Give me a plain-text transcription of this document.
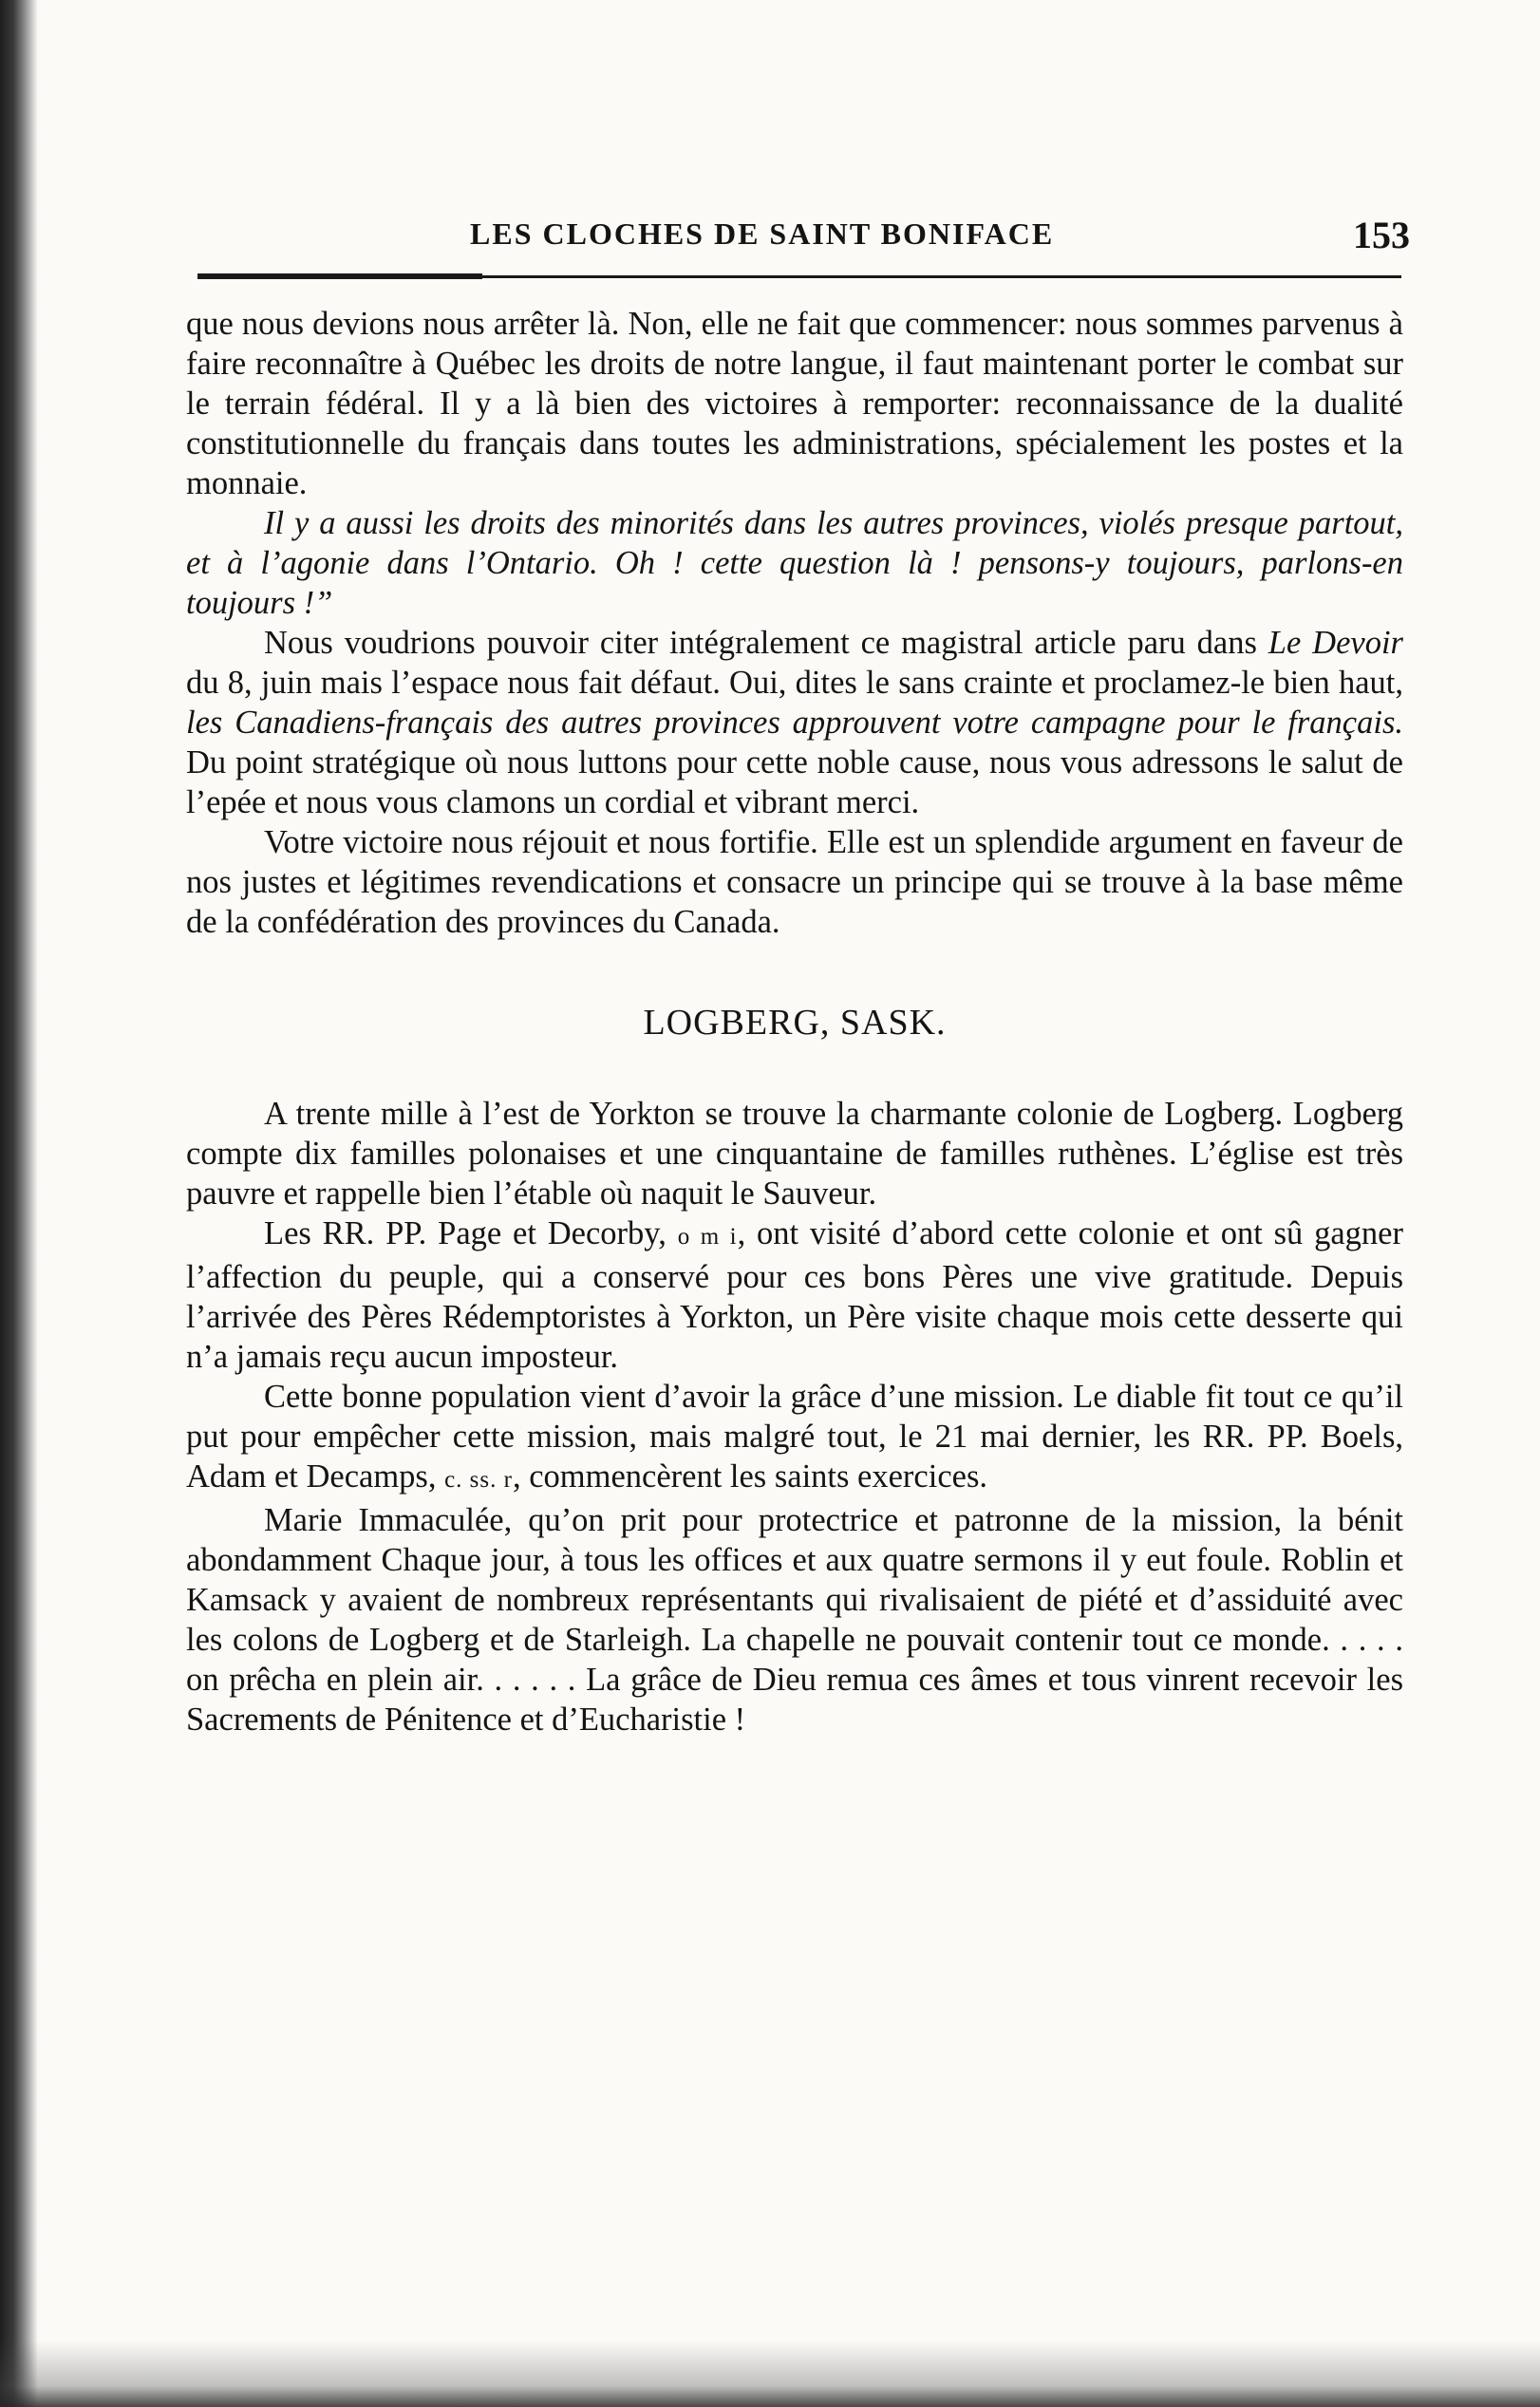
LES CLOCHES DE SAINT BONIFACE	153

que nous devions nous arrêter là. Non, elle ne fait que commencer: nous sommes parvenus à faire reconnaître à Québec les droits de notre langue, il faut maintenant porter le combat sur le terrain fédéral. Il y a là bien des victoires à remporter: reconnaissance de la dualité constitutionnelle du français dans toutes les administrations, spécialement les postes et la monnaie.

Il y a aussi les droits des minorités dans les autres provinces, violés presque partout, et à l’agonie dans l’Ontario. Oh ! cette question là ! pensons-y toujours, parlons-en toujours !”

Nous voudrions pouvoir citer intégralement ce magistral article paru dans Le Devoir du 8, juin mais l’espace nous fait défaut. Oui, dites le sans crainte et proclamez-le bien haut, les Canadiens-français des autres provinces approuvent votre campagne pour le français. Du point stratégique où nous luttons pour cette noble cause, nous vous adressons le salut de l’epée et nous vous clamons un cordial et vibrant merci.

Votre victoire nous réjouit et nous fortifie. Elle est un splendide argument en faveur de nos justes et légitimes revendications et consacre un principe qui se trouve à la base même de la confédération des provinces du Canada.

LOGBERG, SASK.

A trente mille à l’est de Yorkton se trouve la charmante colonie de Logberg. Logberg compte dix familles polonaises et une cinquantaine de familles ruthènes. L’église est très pauvre et rappelle bien l’étable où naquit le Sauveur.

Les RR. PP. Page et Decorby, o m i, ont visité d’abord cette colonie et ont sû gagner l’affection du peuple, qui a conservé pour ces bons Pères une vive gratitude. Depuis l’arrivée des Pères Rédemptoristes à Yorkton, un Père visite chaque mois cette desserte qui n’a jamais reçu aucun imposteur.

Cette bonne population vient d’avoir la grâce d’une mission. Le diable fit tout ce qu’il put pour empêcher cette mission, mais malgré tout, le 21 mai dernier, les RR. PP. Boels, Adam et Decamps, c. ss. r, commencèrent les saints exercices.

Marie Immaculée, qu’on prit pour protectrice et patronne de la mission, la bénit abondamment Chaque jour, à tous les offices et aux quatre sermons il y eut foule. Roblin et Kamsack y avaient de nombreux représentants qui rivalisaient de piété et d’assiduité avec les colons de Logberg et de Starleigh. La chapelle ne pouvait contenir tout ce monde. . . . . on prêcha en plein air. . . . . . La grâce de Dieu remua ces âmes et tous vinrent recevoir les Sacrements de Pénitence et d’Eucharistie !
